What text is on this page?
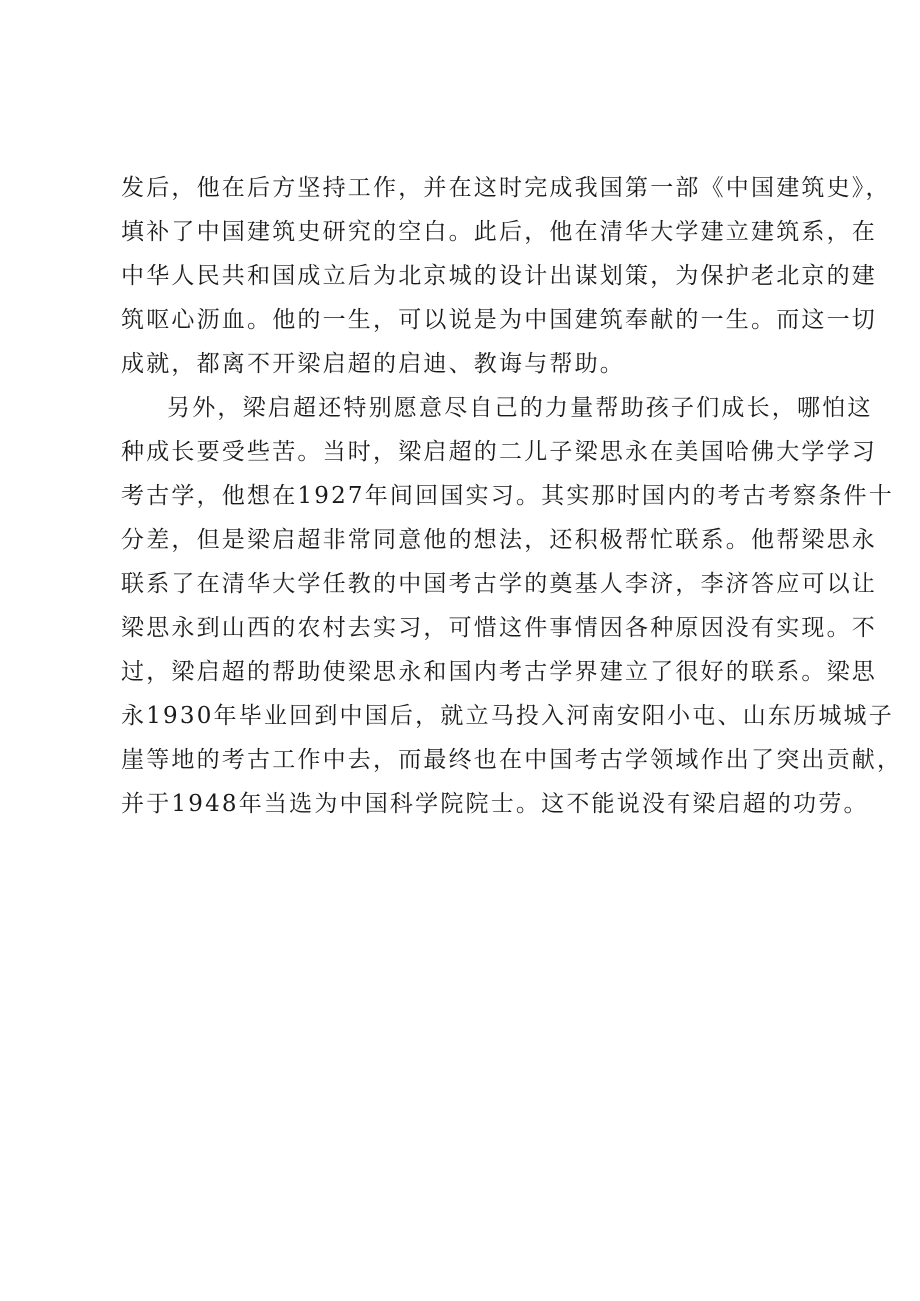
发后，他在后方坚持工作，并在这时完成我国第一部《中国建筑史》，
填补了中国建筑史研究的空白。此后，他在清华大学建立建筑系，在
中华人民共和国成立后为北京城的设计出谋划策，为保护老北京的建
筑呕心沥血。他的一生，可以说是为中国建筑奉献的一生。而这一切
成就，都离不开梁启超的启迪、教诲与帮助。

另外，梁启超还特别愿意尽自己的力量帮助孩子们成长，哪怕这
种成长要受些苦。当时，梁启超的二儿子梁思永在美国哈佛大学学习
考古学，他想在1927年间回国实习。其实那时国内的考古考察条件十
分差，但是梁启超非常同意他的想法，还积极帮忙联系。他帮梁思永
联系了在清华大学任教的中国考古学的奠基人李济，李济答应可以让
梁思永到山西的农村去实习，可惜这件事情因各种原因没有实现。不
过，梁启超的帮助使梁思永和国内考古学界建立了很好的联系。梁思
永1930年毕业回到中国后，就立马投入河南安阳小屯、山东历城城子
崖等地的考古工作中去，而最终也在中国考古学领域作出了突出贡献，
并于1948年当选为中国科学院院士。这不能说没有梁启超的功劳。
